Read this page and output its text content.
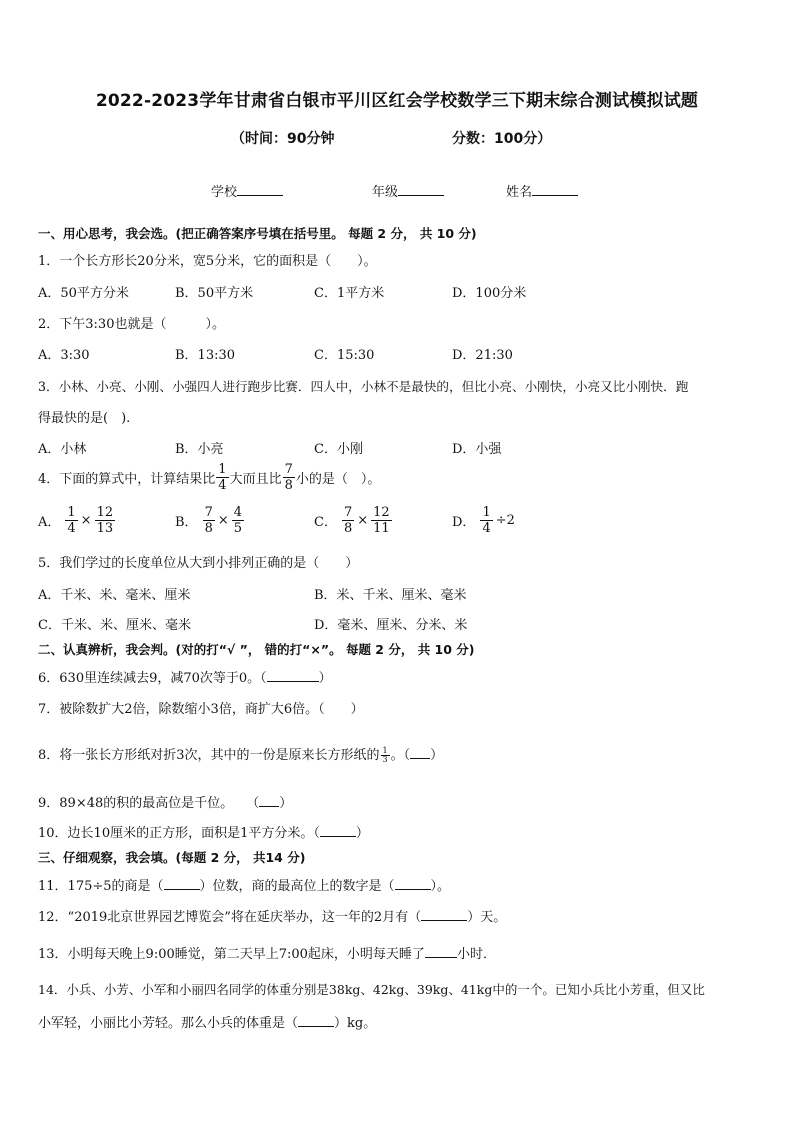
2022-2023学年甘肃省白银市平川区红会学校数学三下期末综合测试模拟试题
（时间：90分钟	分数：100分）
学校	年级	姓名
一、用心思考，我会选。(把正确答案序号填在括号里。 每题 2 分， 共 10 分)
1．一个长方形长20分米，宽5分米，它的面积是（　　）。
A．50平方分米	B．50平方米	C．1平方米	D．100分米
2．下午3:30也就是（　　　）。
A．3:30	B．13:30	C．15:30	D．21:30
3．小林、小亮、小刚、小强四人进行跑步比赛．四人中，小林不是最快的，但比小亮、小刚快，小亮又比小刚快．跑
得最快的是(　).
A．小林	B．小亮	C．小刚	D．小强
4．下面的算式中，计算结果比 $\frac{1}{4}$ 大而且比 $\frac{7}{8}$ 小的是（　）。
A． $\frac{1}{4} \times \frac{12}{13}$	B． $\frac{7}{8} \times \frac{4}{5}$	C． $\frac{7}{8} \times \frac{12}{11}$	D． $\frac{1}{4} \div 2$
5．我们学过的长度单位从大到小排列正确的是（　　）
A．千米、米、毫米、厘米	B．米、千米、厘米、毫米
C．千米、米、厘米、毫米	D．毫米、厘米、分米、米
二、认真辨析，我会判。(对的打“√ ”， 错的打“×”。 每题 2 分， 共 10 分)
6．630里连续减去9，减70次等于0。（	）
7．被除数扩大2倍，除数缩小3倍，商扩大6倍。（　　）
8．将一张长方形纸对折3次，其中的一份是原来长方形纸的 $\frac{1}{3}$ 。（ ）
9．89×48的积的最高位是千位。　　（ ）
10．边长10厘米的正方形，面积是1平方分米。（	）
三、仔细观察，我会填。(每题 2 分， 共14 分)
11．175÷5的商是（	）位数，商的最高位上的数字是（	）。
12．“2019北京世界园艺博览会”将在延庆举办，这一年的2月有（	）天。
13．小明每天晚上9:00睡觉，第二天早上7:00起床，小明每天睡了 小时．
14．小兵、小芳、小军和小丽四名同学的体重分别是38kg、42kg、39kg、41kg中的一个。已知小兵比小芳重，但又比
小军轻，小丽比小芳轻。那么小兵的体重是（	）kg。
